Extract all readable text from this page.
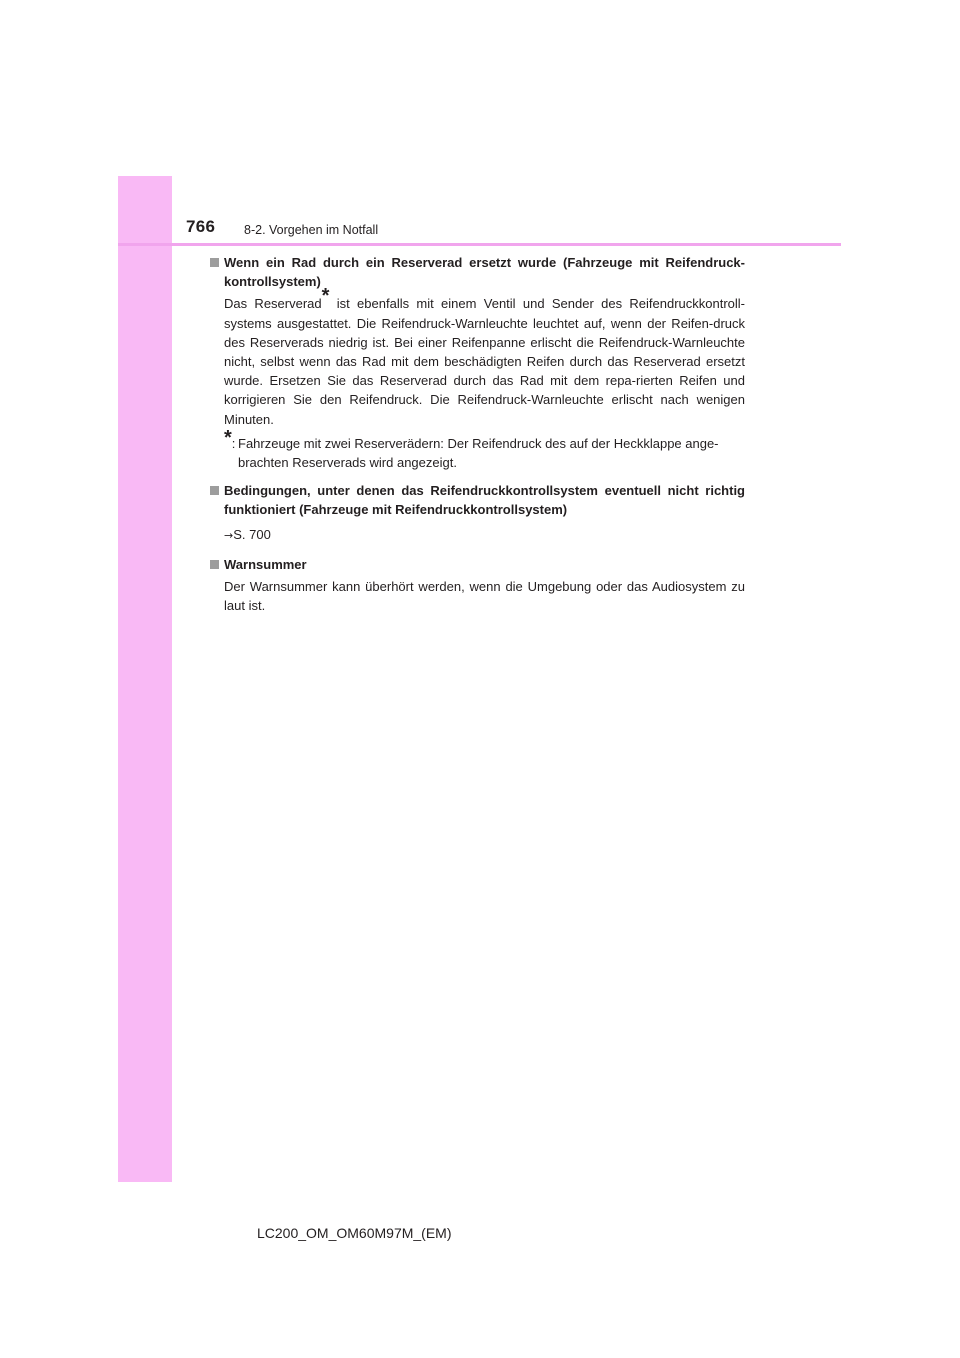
766 8-2. Vorgehen im Notfall
Wenn ein Rad durch ein Reserverad ersetzt wurde (Fahrzeuge mit Reifendruck-kontrollsystem)
Das Reserverad* ist ebenfalls mit einem Ventil und Sender des Reifendruckkontroll-systems ausgestattet. Die Reifendruck-Warnleuchte leuchtet auf, wenn der Reifen-druck des Reserverads niedrig ist. Bei einer Reifenpanne erlischt die Reifendruck-Warnleuchte nicht, selbst wenn das Rad mit dem beschädigten Reifen durch das Reserverad ersetzt wurde. Ersetzen Sie das Reserverad durch das Rad mit dem repa-rierten Reifen und korrigieren Sie den Reifendruck. Die Reifendruck-Warnleuchte erlischt nach wenigen Minuten.
*: Fahrzeuge mit zwei Reserverädern: Der Reifendruck des auf der Heckklappe ange-brachten Reserverads wird angezeigt.
Bedingungen, unter denen das Reifendruckkontrollsystem eventuell nicht richtig funktioniert (Fahrzeuge mit Reifendruckkontrollsystem)
→S. 700
Warnsummer
Der Warnsummer kann überhört werden, wenn die Umgebung oder das Audiosystem zu laut ist.
LC200_OM_OM60M97M_(EM)
